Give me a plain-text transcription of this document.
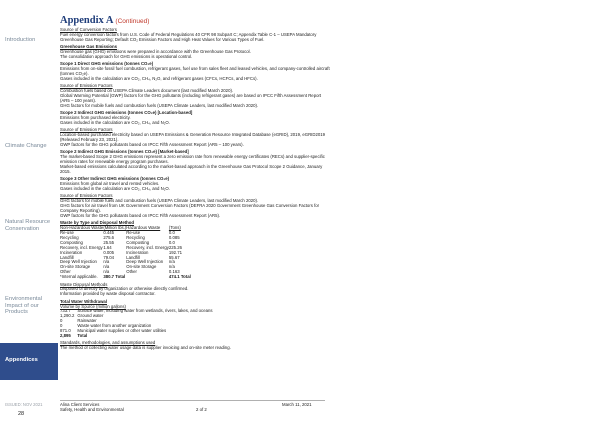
Introduction
Climate Change
Natural Resource Conservation
Environmental Impact of our Products
Appendices
Appendix A (Continued)

Source of Conversion Factors

Fuel energy conversion factors from U.S. Code of Federal Regulations 40 CFR 98 Subpart C; Appendix Table C-1 – USEPA Mandatory Greenhouse Gas Reporting; Default CO₂ Emission Factors and High Heat Values for Various Types of Fuel.

Greenhouse Gas Emissions

Greenhouse gas (GHG) emissions were prepared in accordance with the Greenhouse Gas Protocol.

The consolidation approach for GHG emissions is operational control.

Scope 1 Direct GHG emissions (tonnes CO₂e)

Emissions from on-site fossil fuel combustion, refrigerant gases, fuel use from sales fleet and leased vehicles, and company-controlled aircraft (tonnes CO₂e).

Gases included in the calculation are CO₂, CH₄, N₂O, and refrigerant gases (CFCs, HCFCs, and HFCs).

Source of Emission Factors

Combustion fuels based on USEPA Climate Leaders document (last modified March 2020).

Global Warming Potential (GWP) factors for the GHG pollutants (including refrigerant gases) are based on IPCC Fifth Assessment Report (AR5 – 100 years).

GHG factors for mobile fuels and combustion fuels (USEPA Climate Leaders, last modified March 2020).

Scope 2 Indirect GHG emissions (tonnes CO₂e) [Location-based]

Emissions from purchased electricity.

Gases included in the calculation are CO₂, CH₄, and N₂O.

Source of Emission Factors

Location-based purchased electricity based on USEPA Emissions & Generation Resource Integrated Database (eGRID), 2019, eGRID2019 (Released February 23, 2021).

GWP factors for the GHG pollutants based on IPCC Fifth Assessment Report (AR5 – 100 years).

Scope 2 Indirect GHG Emissions (tonnes CO₂e) [Market-based]

The market-based Scope 2 GHG emissions represent a zero emission rate from renewable energy certificates (RECs) and supplier-specific emission rates for renewable energy program purchases.

Market-based emissions calculated according to the market-based approach in the Greenhouse Gas Protocol Scope 2 Guidance, January 2015.

Scope 3 Other Indirect GHG emissions (tonnes CO₂e)

Emissions from global air travel and rented vehicles.

Gases included in the calculation are CO₂, CH₄, and N₂O.

Source of Emission Factors

GHG factors for mobile fuels and combustion fuels (USEPA Climate Leaders, last modified March 2020).

GHG factors for air travel from UK Government Conversion Factors (DEFRA 2020 Government Greenhouse Gas Conversion Factors for Company Reporting).

GWP factors for the GHG pollutants based on IPCC Fifth Assessment Report (AR5).

Waste by Type and Disposal Method

Non-Hazardous Waste	(Million lbs.)	Hazardous Waste	(Tons)
Re-use	0.445	Re-use	0.0
Recycling	275.6	Recycling	0.085
Composting	25.55	Composting	0.0
Recovery, incl. Energy	1.64	Recovery, incl. Energy	225.26
Incineration	0.005	Incineration	192.71
Landfill	79.04	Landfill	55.67
Deep Well Injection	n/a	Deep Well Injection	n/a
On-site Storage	n/a	On-site Storage	n/a
Other	n/a	Other	0.163
*Internal applicable.	380.7 Total		474.1 Total

Waste Disposal Methods

Disposed of directly by organization or otherwise directly confirmed.

Information provided by waste disposal contractor.

Total Water Withdrawal

Volume by Source (million gallons)

733.7	Surface water, including water from wetlands, rivers, lakes, and oceans
1,290.2	Ground water
0	Rainwater
0	Waste water from another organization
871.0	Municipal water supplies or other water utilities
2,895	Total

Standards, methodologies, and assumptions used

The method of collecting water usage data is supplier invoicing and on-site meter reading.

ISSUED: NOV 2021
28
Alina Client Services
Safety, Health and Environmental	2 of 2
March 11, 2021
